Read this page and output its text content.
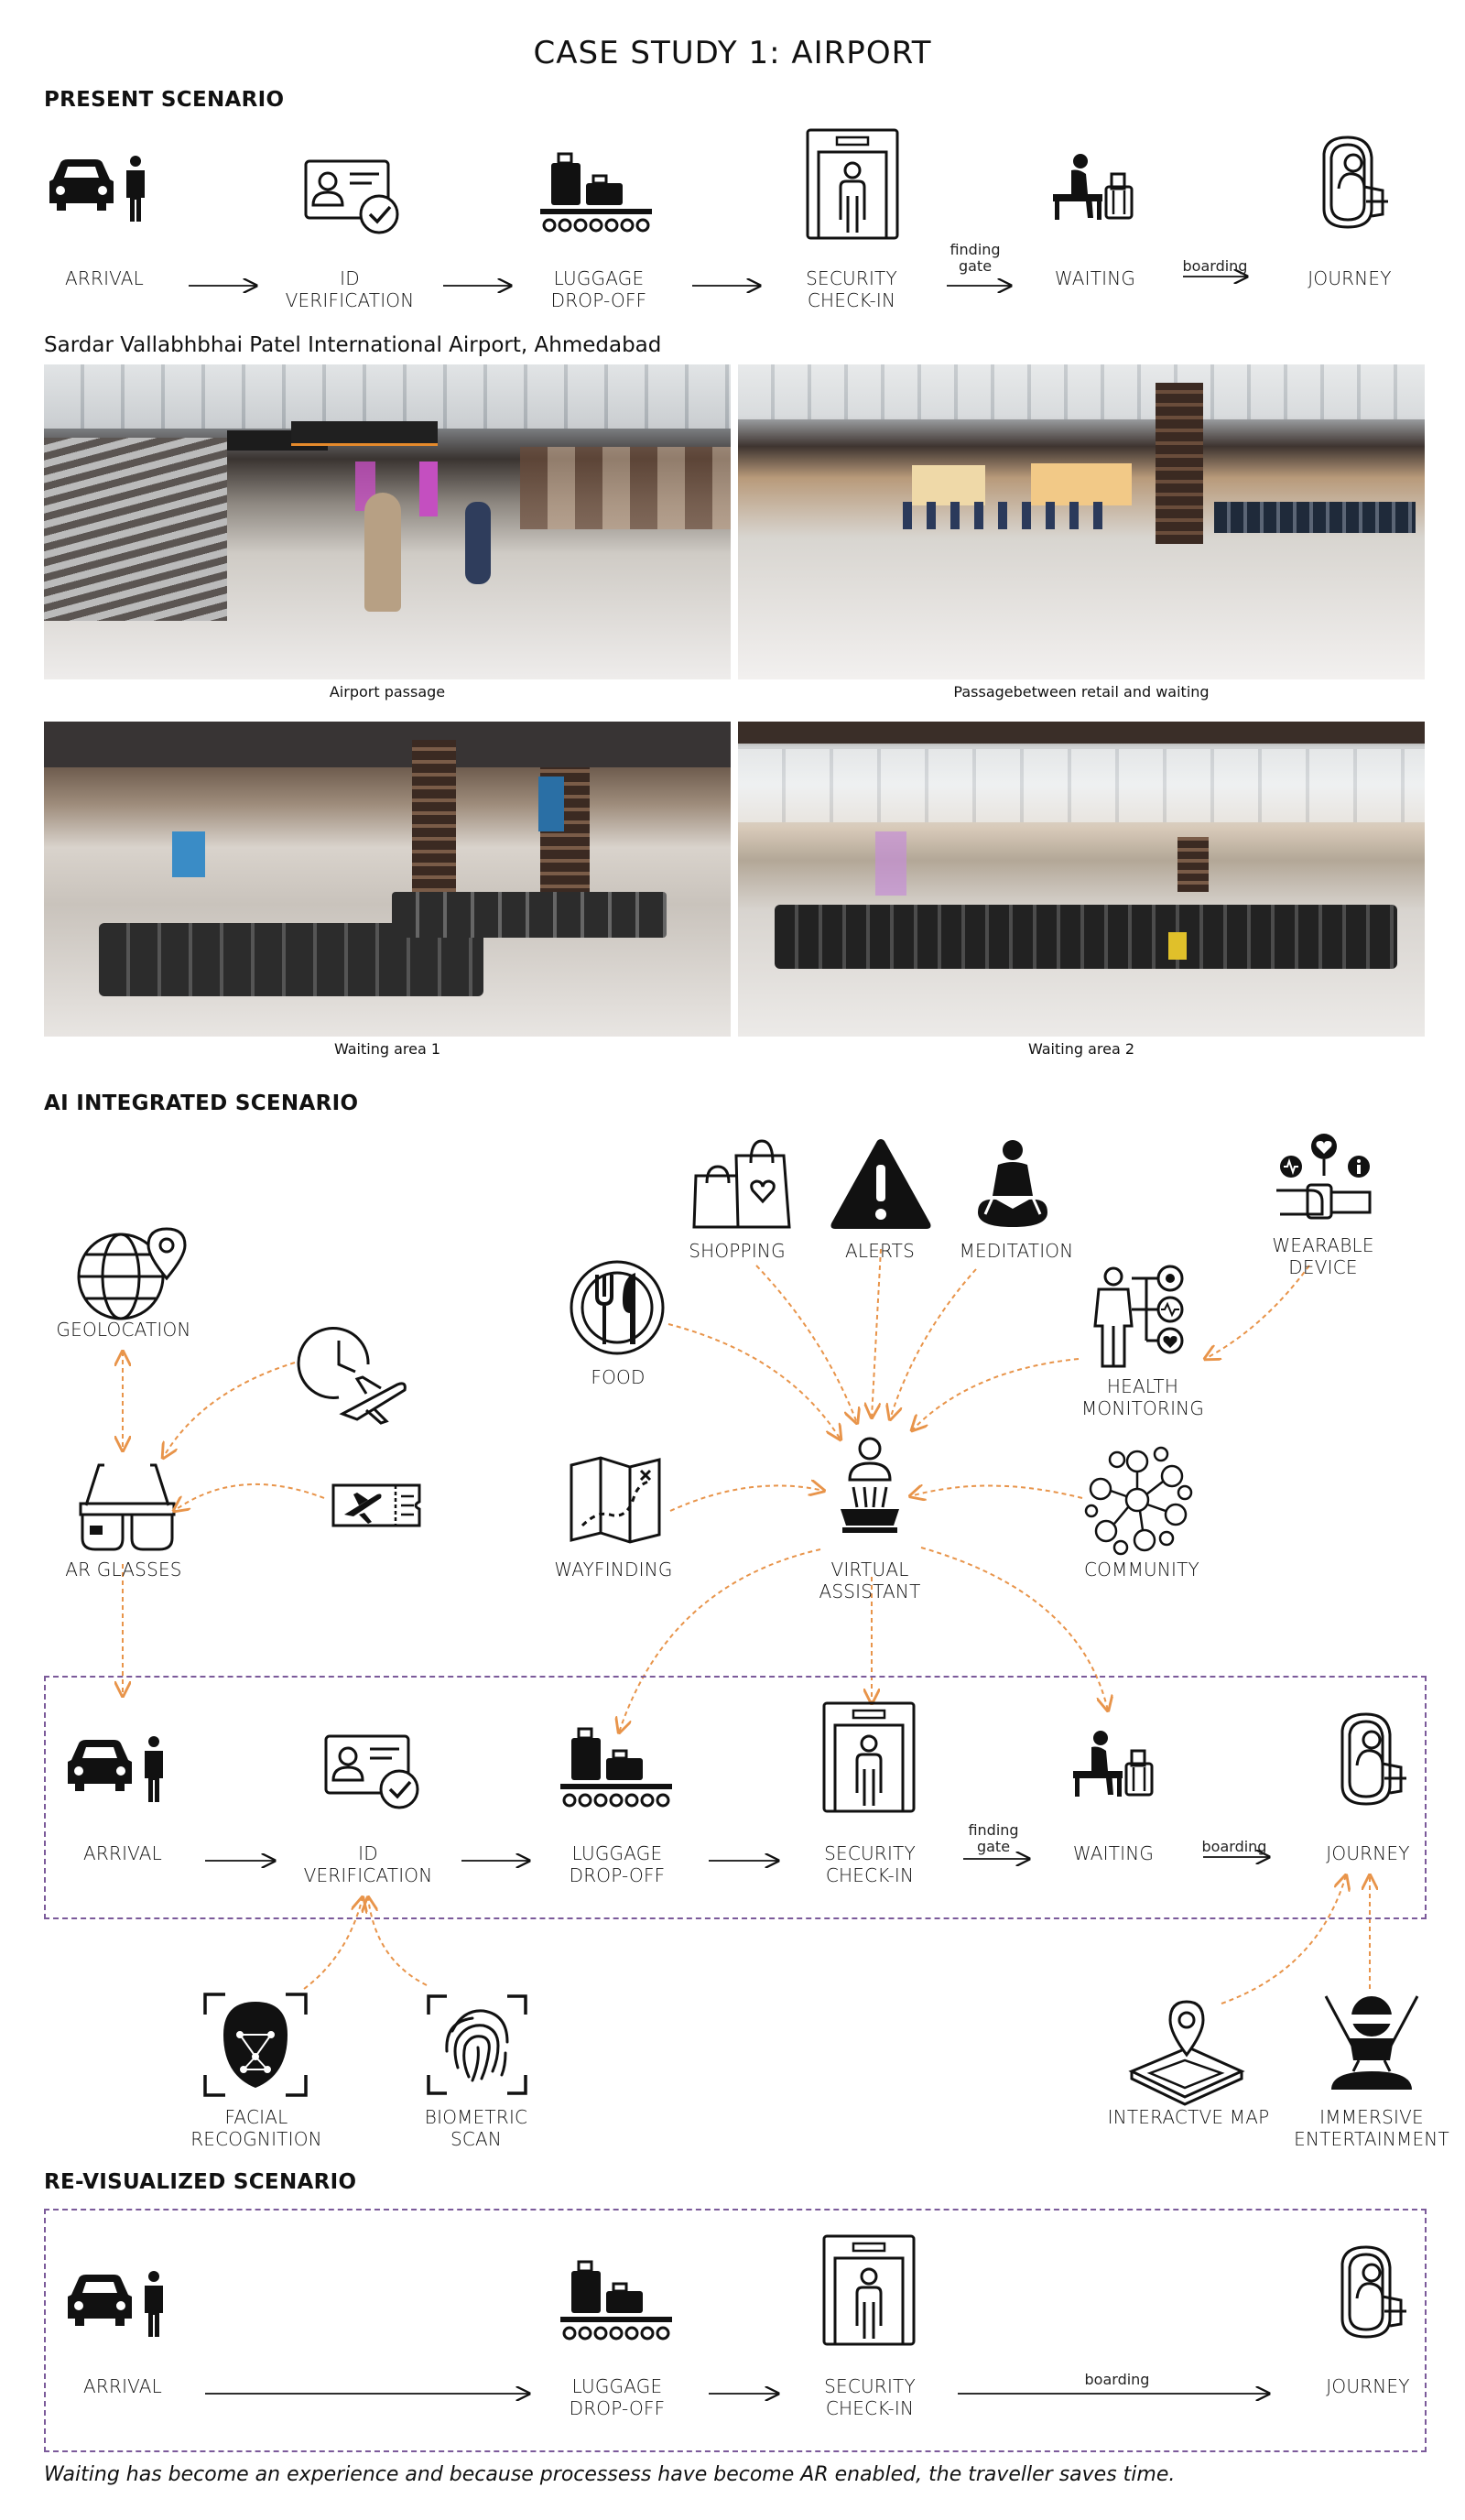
CASE STUDY 1: AIRPORT
PRESENT SCENARIO
ARRIVAL	ID
VERIFICATION
LUGGAGE
DROP-OFF
SECURITY
CHECK-IN
WAITING	JOURNEY
finding
gate	boarding
Sardar Vallabhbhai Patel International Airport, Ahmedabad
Airport passage	Passagebetween retail and waiting
Waiting area 1	Waiting area 2
AI INTEGRATED SCENARIO
GEOLOCATION
AR GLASSES
SHOPPING	ALERTS	MEDITATION	WEARABLE
DEVICE
FOOD	HEALTH
MONITORING
WAYFINDING	VIRTUAL
ASSISTANT
COMMUNITY
ARRIVAL	ID
VERIFICATION
LUGGAGE
DROP-OFF
SECURITY
CHECK-IN
WAITING	JOURNEY
finding
gate	boarding
FACIAL
RECOGNITION
BIOMETRIC
SCAN
INTERACTVE MAP	IMMERSIVE
ENTERTAINMENT
RE-VISUALIZED SCENARIO
ARRIVAL	LUGGAGE
DROP-OFF
SECURITY
CHECK-IN
JOURNEY
boarding
Waiting has become an experience and because processess have become AR enabled, the traveller saves time.
